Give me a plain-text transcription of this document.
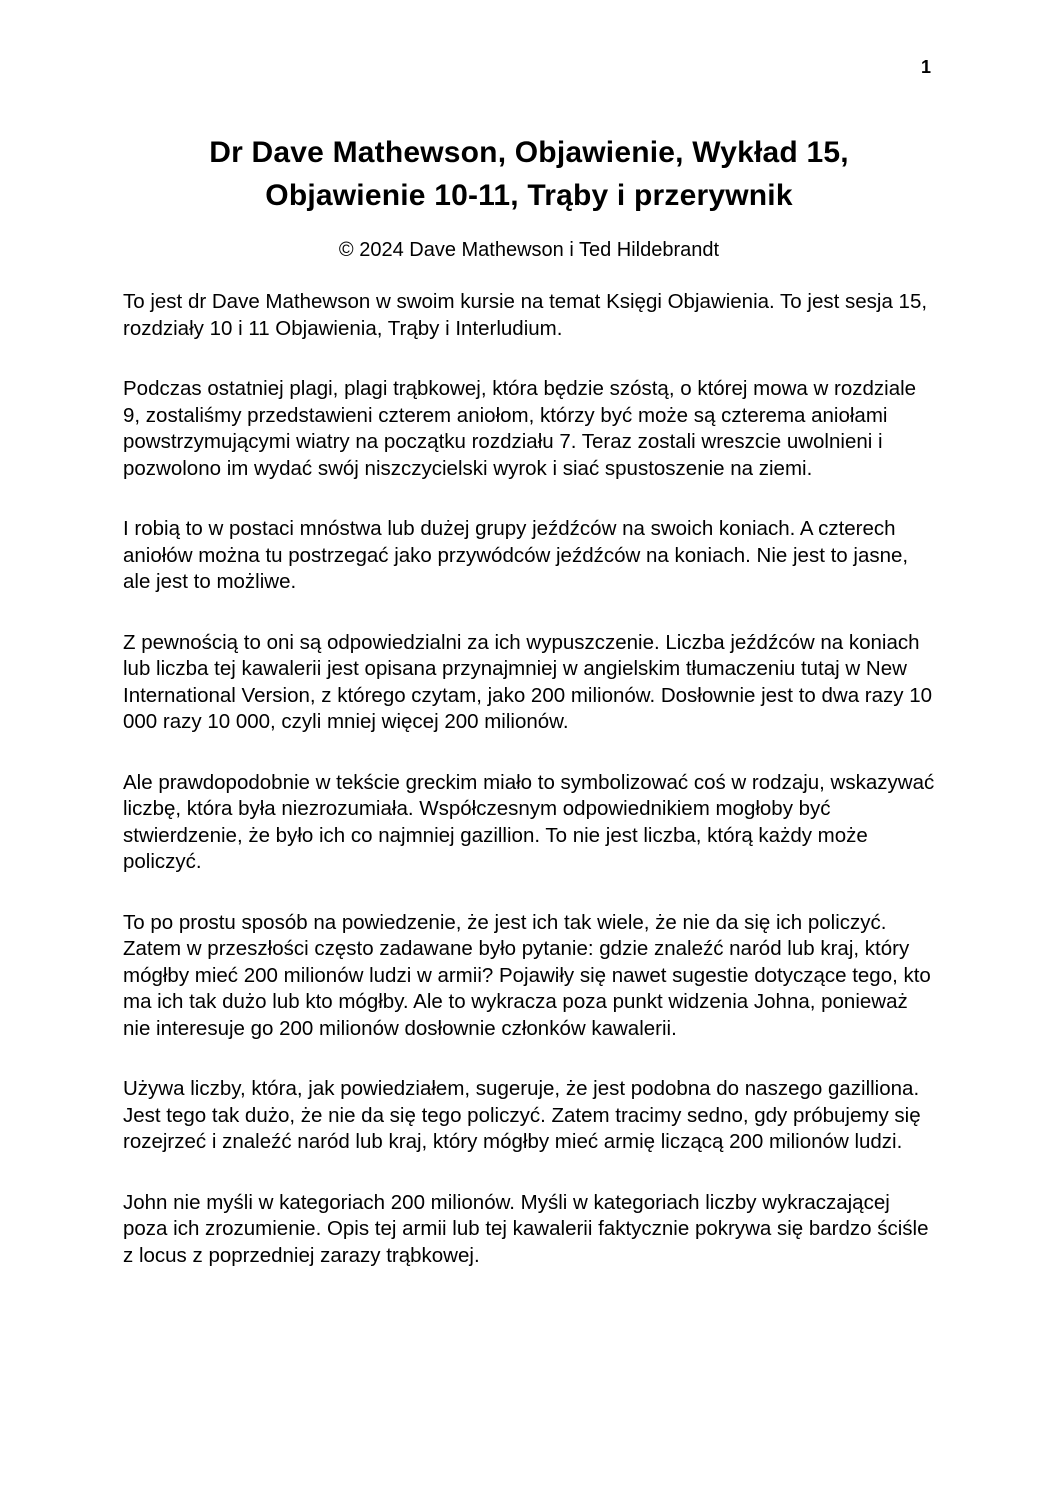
1
Dr Dave Mathewson, Objawienie, Wykład 15,
Objawienie 10-11, Trąby i przerywnik
© 2024 Dave Mathewson i Ted Hildebrandt

To jest dr Dave Mathewson w swoim kursie na temat Księgi Objawienia. To jest sesja 15, rozdziały 10 i 11 Objawienia, Trąby i Interludium.

Podczas ostatniej plagi, plagi trąbkowej, która będzie szóstą, o której mowa w rozdziale 9, zostaliśmy przedstawieni czterem aniołom, którzy być może są czterema aniołami powstrzymującymi wiatry na początku rozdziału 7. Teraz zostali wreszcie uwolnieni i pozwolono im wydać swój niszczycielski wyrok i siać spustoszenie na ziemi.

I robią to w postaci mnóstwa lub dużej grupy jeźdźców na swoich koniach. A czterech aniołów można tu postrzegać jako przywódców jeźdźców na koniach. Nie jest to jasne, ale jest to możliwe.

Z pewnością to oni są odpowiedzialni za ich wypuszczenie. Liczba jeźdźców na koniach lub liczba tej kawalerii jest opisana przynajmniej w angielskim tłumaczeniu tutaj w New International Version, z którego czytam, jako 200 milionów. Dosłownie jest to dwa razy 10 000 razy 10 000, czyli mniej więcej 200 milionów.

Ale prawdopodobnie w tekście greckim miało to symbolizować coś w rodzaju, wskazywać liczbę, która była niezrozumiała. Współczesnym odpowiednikiem mogłoby być stwierdzenie, że było ich co najmniej gazillion. To nie jest liczba, którą każdy może policzyć.

To po prostu sposób na powiedzenie, że jest ich tak wiele, że nie da się ich policzyć. Zatem w przeszłości często zadawane było pytanie: gdzie znaleźć naród lub kraj, który mógłby mieć 200 milionów ludzi w armii? Pojawiły się nawet sugestie dotyczące tego, kto ma ich tak dużo lub kto mógłby. Ale to wykracza poza punkt widzenia Johna, ponieważ nie interesuje go 200 milionów dosłownie członków kawalerii.

Używa liczby, która, jak powiedziałem, sugeruje, że jest podobna do naszego gazilliona. Jest tego tak dużo, że nie da się tego policzyć. Zatem tracimy sedno, gdy próbujemy się rozejrzeć i znaleźć naród lub kraj, który mógłby mieć armię liczącą 200 milionów ludzi.

John nie myśli w kategoriach 200 milionów. Myśli w kategoriach liczby wykraczającej poza ich zrozumienie. Opis tej armii lub tej kawalerii faktycznie pokrywa się bardzo ściśle z locus z poprzedniej zarazy trąbkowej.
